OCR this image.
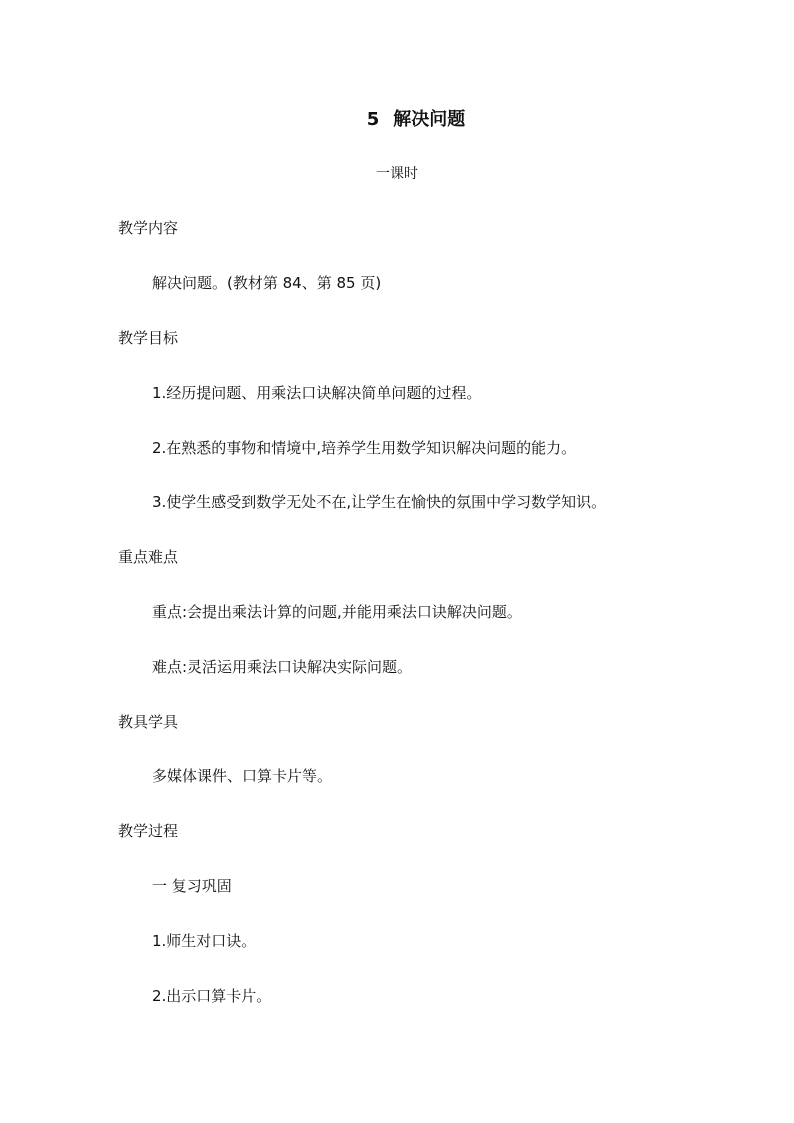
5 解决问题
一课时
教学内容
解决问题。(教材第 84、第 85 页)
教学目标
1.经历提问题、用乘法口诀解决简单问题的过程。
2.在熟悉的事物和情境中,培养学生用数学知识解决问题的能力。
3.使学生感受到数学无处不在,让学生在愉快的氛围中学习数学知识。
重点难点
重点:会提出乘法计算的问题,并能用乘法口诀解决问题。
难点:灵活运用乘法口诀解决实际问题。
教具学具
多媒体课件、口算卡片等。
教学过程
一 复习巩固
1.师生对口诀。
2.出示口算卡片。
